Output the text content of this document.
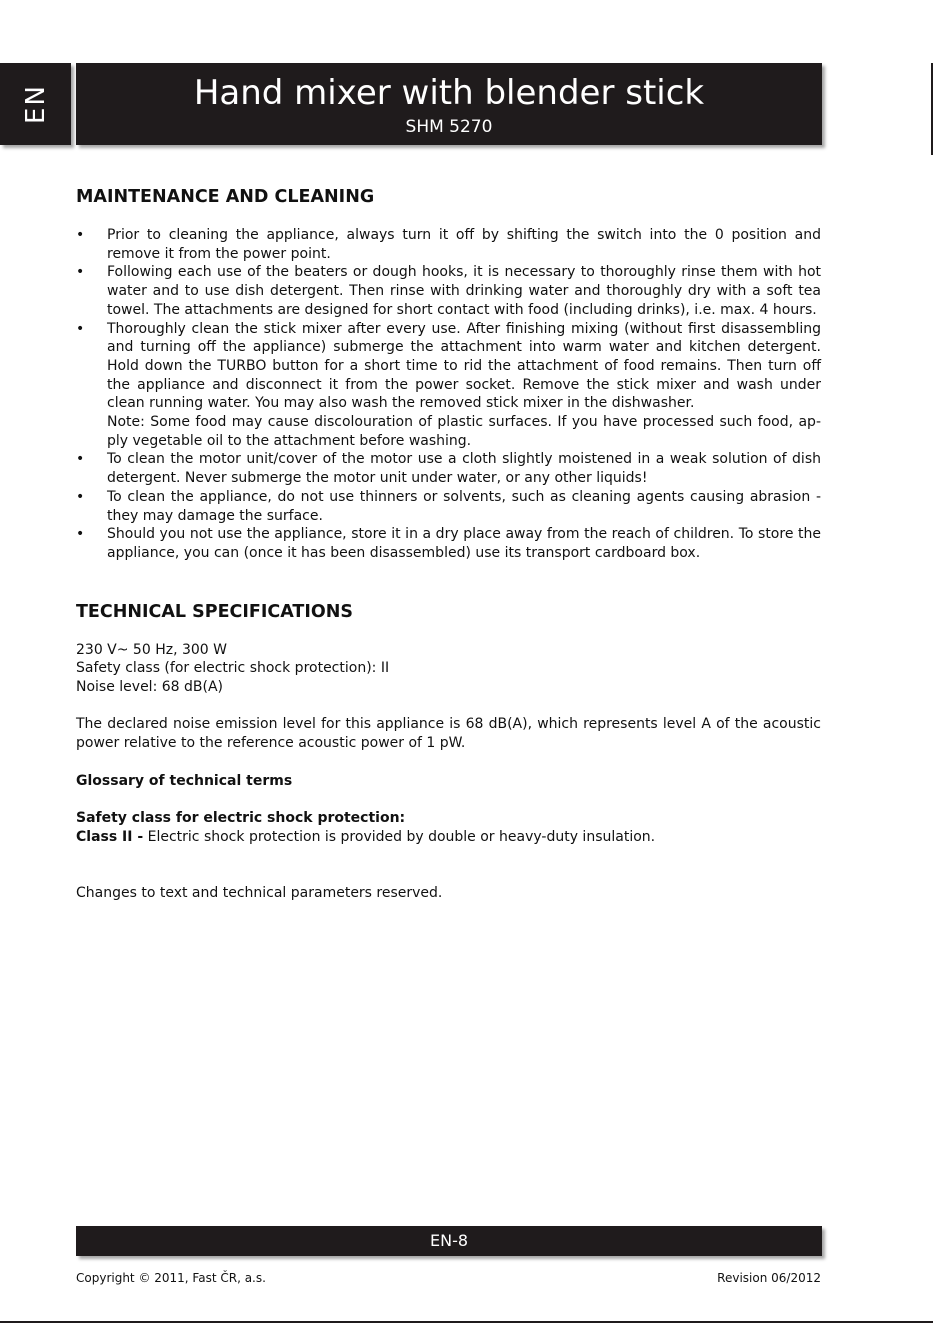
EN	Hand mixer with blender stick
SHM 5270
MAINTENANCE AND CLEANING
• Prior to cleaning the appliance, always turn it off by shifting the switch into the 0 position and remove it from the power point.
• Following each use of the beaters or dough hooks, it is necessary to thoroughly rinse them with hot water and to use dish detergent. Then rinse with drinking water and thoroughly dry with a soft tea towel. The attachments are designed for short contact with food (including drinks), i.e. max. 4 hours.
• Thoroughly clean the stick mixer after every use. After finishing mixing (without first disassembling and turning off the appliance) submerge the attachment into warm water and kitchen detergent. Hold down the TURBO button for a short time to rid the attachment of food remains. Then turn off the appliance and disconnect it from the power socket. Remove the stick mixer and wash under clean running water. You may also wash the removed stick mixer in the dishwasher.
Note: Some food may cause discolouration of plastic surfaces. If you have processed such food, ap-ply vegetable oil to the attachment before washing.
• To clean the motor unit/cover of the motor use a cloth slightly moistened in a weak solution of dish detergent. Never submerge the motor unit under water, or any other liquids!
• To clean the appliance, do not use thinners or solvents, such as cleaning agents causing abrasion - they may damage the surface.
• Should you not use the appliance, store it in a dry place away from the reach of children. To store the appliance, you can (once it has been disassembled) use its transport cardboard box.
TECHNICAL SPECIFICATIONS
230 V~ 50 Hz, 300 W
Safety class (for electric shock protection): II
Noise level: 68 dB(A)
The declared noise emission level for this appliance is 68 dB(A), which represents level A of the acoustic power relative to the reference acoustic power of 1 pW.
Glossary of technical terms
Safety class for electric shock protection:
Class II - Electric shock protection is provided by double or heavy-duty insulation.
Changes to text and technical parameters reserved.
EN-8
Copyright © 2011, Fast ČR, a.s.	Revision 06/2012
